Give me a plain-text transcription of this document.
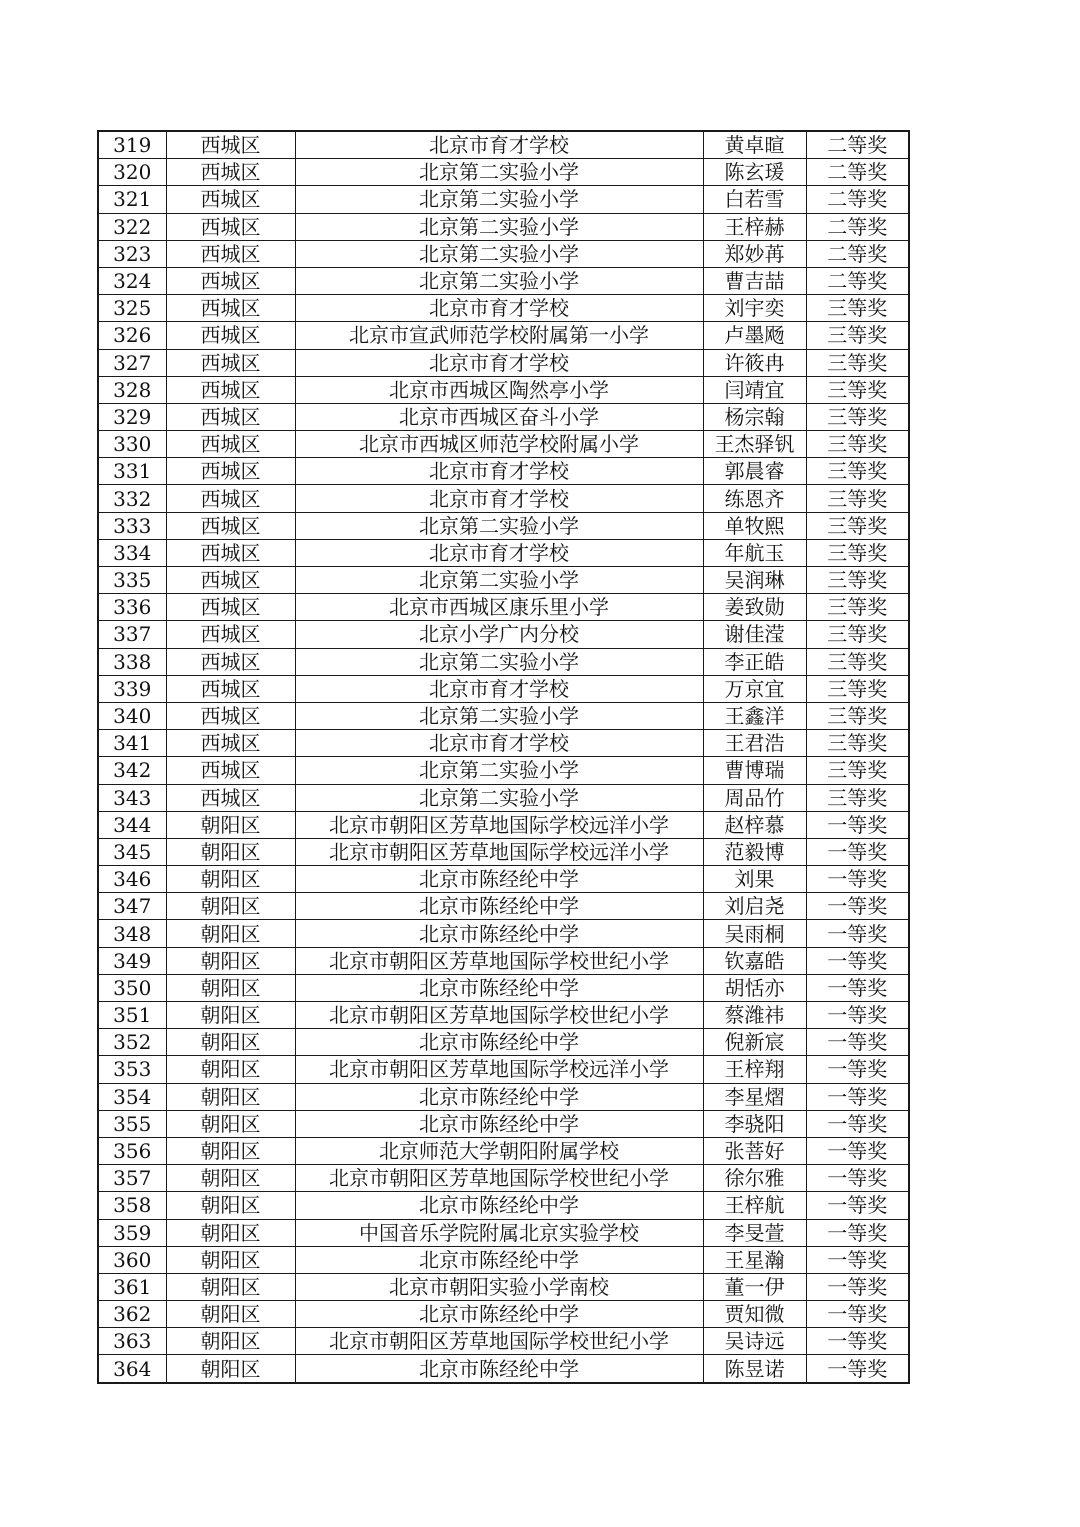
319	西城区	北京市育才学校	黄卓暄	二等奖
320	西城区	北京第二实验小学	陈玄瑗	二等奖
321	西城区	北京第二实验小学	白若雪	二等奖
322	西城区	北京第二实验小学	王梓赫	二等奖
323	西城区	北京第二实验小学	郑妙苒	二等奖
324	西城区	北京第二实验小学	曹吉喆	二等奖
325	西城区	北京市育才学校	刘宇奕	三等奖
326	西城区	北京市宣武师范学校附属第一小学	卢墨飏	三等奖
327	西城区	北京市育才学校	许筱冉	三等奖
328	西城区	北京市西城区陶然亭小学	闫靖宜	三等奖
329	西城区	北京市西城区奋斗小学	杨宗翰	三等奖
330	西城区	北京市西城区师范学校附属小学	王杰驿钒	三等奖
331	西城区	北京市育才学校	郭晨睿	三等奖
332	西城区	北京市育才学校	练恩齐	三等奖
333	西城区	北京第二实验小学	单牧熙	三等奖
334	西城区	北京市育才学校	年航玉	三等奖
335	西城区	北京第二实验小学	吴润琳	三等奖
336	西城区	北京市西城区康乐里小学	姜致勋	三等奖
337	西城区	北京小学广内分校	谢佳滢	三等奖
338	西城区	北京第二实验小学	李正皓	三等奖
339	西城区	北京市育才学校	万京宜	三等奖
340	西城区	北京第二实验小学	王鑫洋	三等奖
341	西城区	北京市育才学校	王君浩	三等奖
342	西城区	北京第二实验小学	曹博瑞	三等奖
343	西城区	北京第二实验小学	周品竹	三等奖
344	朝阳区	北京市朝阳区芳草地国际学校远洋小学	赵梓慕	一等奖
345	朝阳区	北京市朝阳区芳草地国际学校远洋小学	范毅博	一等奖
346	朝阳区	北京市陈经纶中学	刘果	一等奖
347	朝阳区	北京市陈经纶中学	刘启尧	一等奖
348	朝阳区	北京市陈经纶中学	吴雨桐	一等奖
349	朝阳区	北京市朝阳区芳草地国际学校世纪小学	钦嘉皓	一等奖
350	朝阳区	北京市陈经纶中学	胡恬亦	一等奖
351	朝阳区	北京市朝阳区芳草地国际学校世纪小学	蔡潍祎	一等奖
352	朝阳区	北京市陈经纶中学	倪新宸	一等奖
353	朝阳区	北京市朝阳区芳草地国际学校远洋小学	王梓翔	一等奖
354	朝阳区	北京市陈经纶中学	李星熠	一等奖
355	朝阳区	北京市陈经纶中学	李骁阳	一等奖
356	朝阳区	北京师范大学朝阳附属学校	张菩好	一等奖
357	朝阳区	北京市朝阳区芳草地国际学校世纪小学	徐尔雅	一等奖
358	朝阳区	北京市陈经纶中学	王梓航	一等奖
359	朝阳区	中国音乐学院附属北京实验学校	李旻萱	一等奖
360	朝阳区	北京市陈经纶中学	王星瀚	一等奖
361	朝阳区	北京市朝阳实验小学南校	董一伊	一等奖
362	朝阳区	北京市陈经纶中学	贾知微	一等奖
363	朝阳区	北京市朝阳区芳草地国际学校世纪小学	吴诗远	一等奖
364	朝阳区	北京市陈经纶中学	陈昱诺	一等奖
